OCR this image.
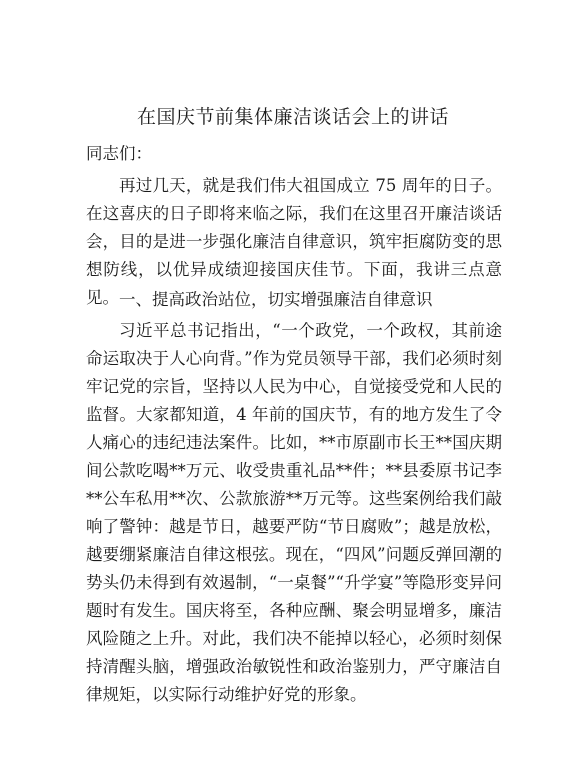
在国庆节前集体廉洁谈话会上的讲话
同志们：
再过几天，就是我们伟大祖国成立 75 周年的日子。在这喜庆的日子即将来临之际，我们在这里召开廉洁谈话会，目的是进一步强化廉洁自律意识，筑牢拒腐防变的思想防线，以优异成绩迎接国庆佳节。下面，我讲三点意见。 一、提高政治站位，切实增强廉洁自律意识
习近平总书记指出，“一个政党，一个政权，其前途命运取决于人心向背。”作为党员领导干部，我们必须时刻牢记党的宗旨，坚持以人民为中心，自觉接受党和人民的监督。大家都知道，4 年前的国庆节，有的地方发生了令人痛心的违纪违法案件。比如，**市原副市长王**国庆期间公款吃喝**万元、收受贵重礼品**件；**县委原书记李**公车私用**次、公款旅游**万元等。这些案例给我们敲响了警钟：越是节日，越要严防“节日腐败”；越是放松，越要绷紧廉洁自律这根弦。现在，“四风”问题反弹回潮的势头仍未得到有效遏制，“一桌餐”“升学宴”等隐形变异问题时有发生。国庆将至，各种应酬、聚会明显增多，廉洁风险随之上升。对此，我们决不能掉以轻心，必须时刻保持清醒头脑，增强政治敏锐性和政治鉴别力，严守廉洁自律规矩，以实际行动维护好党的形象。
